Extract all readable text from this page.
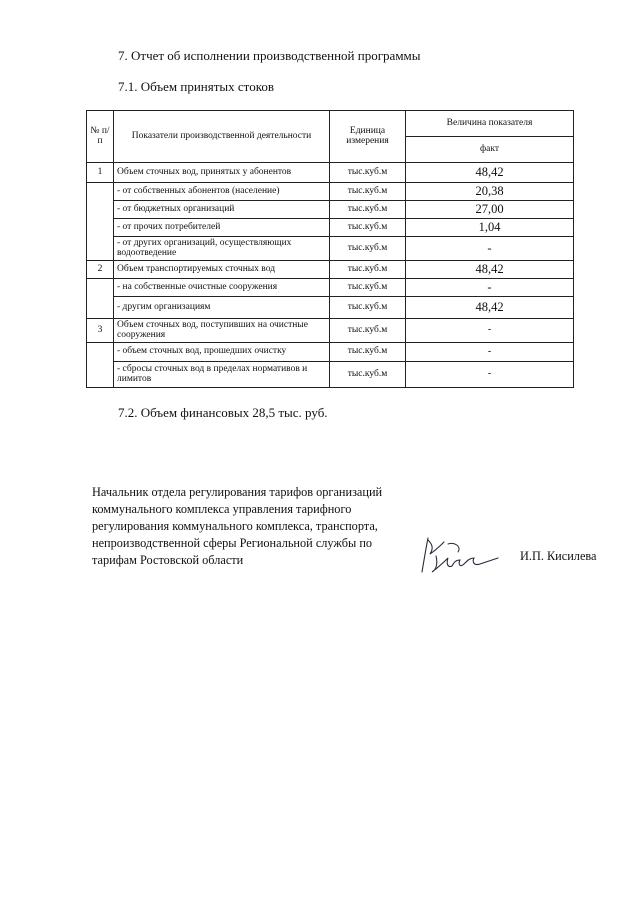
7. Отчет об исполнении производственной программы
7.1. Объем принятых стоков
№ п/п	Показатели производственной деятельности	Единица измерения	Величина показателя
			факт
1	Объем сточных вод, принятых у абонентов	тыс.куб.м	48,42
	- от собственных абонентов (население)	тыс.куб.м	20,38
	- от бюджетных организаций	тыс.куб.м	27,00
	- от прочих потребителей	тыс.куб.м	1,04
	- от других организаций, осуществляющих водоотведение	тыс.куб.м	-
2	Объем транспортируемых сточных вод	тыс.куб.м	48,42
	- на собственные очистные сооружения	тыс.куб.м	-
	- другим организациям	тыс.куб.м	48,42
3	Объем сточных вод, поступивших на очистные сооружения	тыс.куб.м	-
	- объем сточных вод, прошедших очистку	тыс.куб.м	-
	- сбросы сточных вод в пределах нормативов и лимитов	тыс.куб.м	-
7.2. Объем финансовых 28,5 тыс. руб.
Начальник отдела регулирования тарифов организаций коммунального комплекса управления тарифного регулирования коммунального комплекса, транспорта, непроизводственной сферы Региональной службы по тарифам Ростовской области	И.П. Кисилева
